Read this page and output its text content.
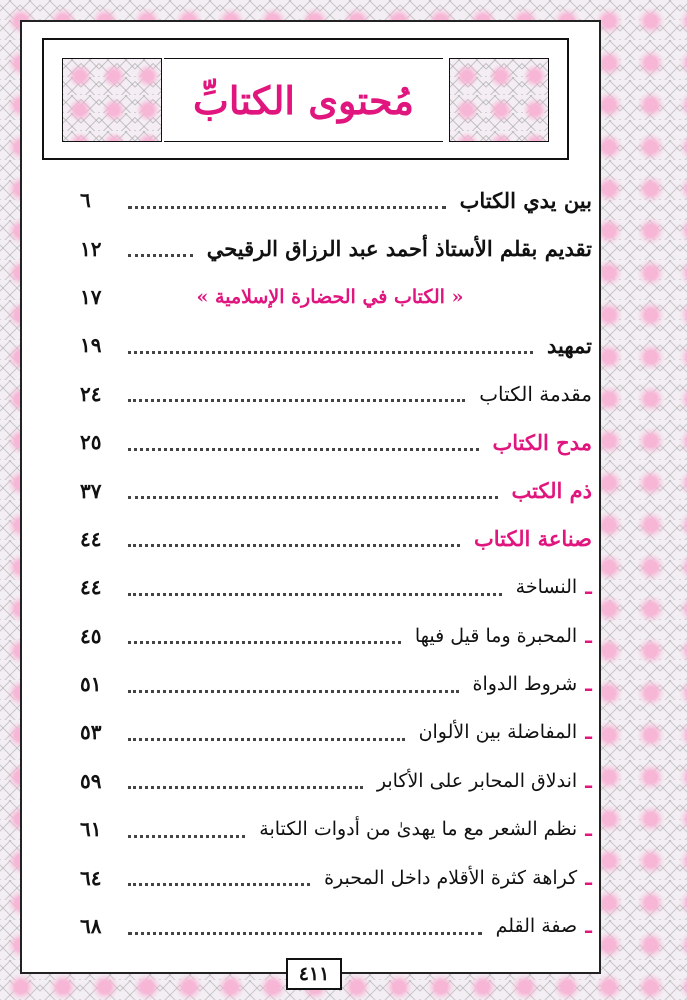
مُحتوى الكتابِّ
بين يدي الكتاب
٦
تقديم بقلم الأستاذ أحمد عبد الرزاق الرقيحي
١٢
« الكتاب في الحضارة الإسلامية »
١٧
تمهيد
١٩
مقدمة الكتاب
٢٤
مدح الكتاب
٢٥
ذم الكتب
٣٧
صناعة الكتاب
٤٤
ـ
النساخة
٤٤
ـ
المحبرة وما قيل فيها
٤٥
ـ
شروط الدواة
٥١
ـ
المفاضلة بين الألوان
٥٣
ـ
اندلاق المحابر على الأكابر
٥٩
ـ
نظم الشعر مع ما يهدىٰ من أدوات الكتابة
٦١
ـ
كراهة كثرة الأقلام داخل المحبرة
٦٤
ـ
صفة القلم
٦٨
٤١١
